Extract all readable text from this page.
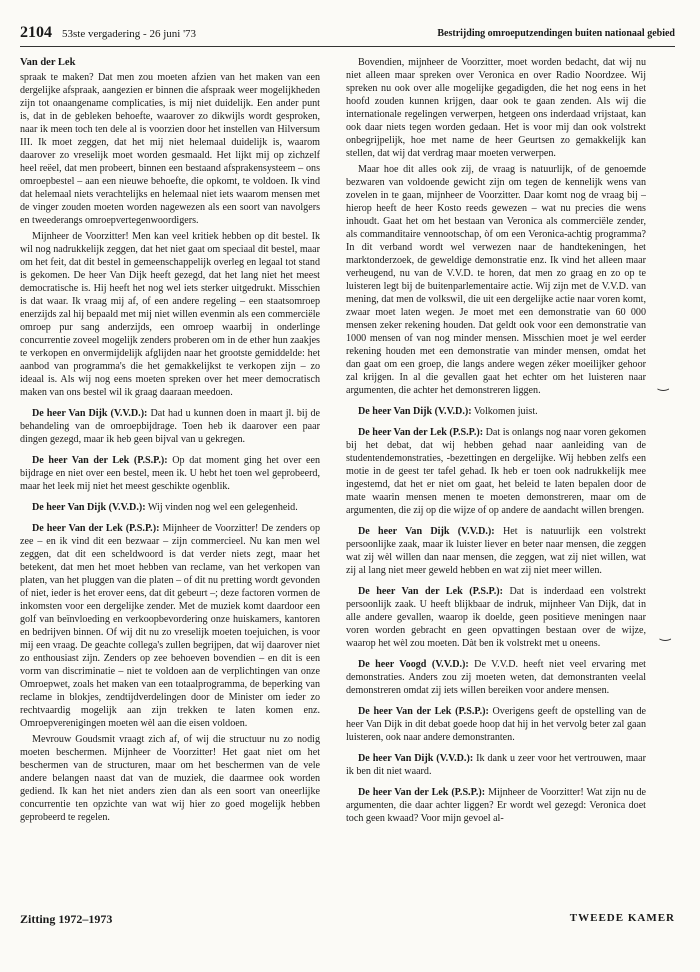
2104 53ste vergadering - 26 juni '73	Bestrijding omroeputzendingen buiten nationaal gebied
Van der Lek

spraak te maken? Dat men zou moeten afzien van het maken van een dergelijke afspraak, aangezien er binnen die afspraak weer mogelijkheden zijn tot onaangename complicaties, is mij niet duidelijk. Een ander punt is, dat in de gebleken behoefte, waarover zo dikwijls wordt gesproken, naar ik meen toch ten dele al is voorzien door het instellen van Hilversum III. Ik moet zeggen, dat het mij niet helemaal duidelijk is, waarom daarover zo vreselijk moet worden gesmaald. Het lijkt mij op zichzelf heel reëel, dat men probeert, binnen een bestaand afsprakensysteem – ons omroepbestel – aan een nieuwe behoefte, die opkomt, te voldoen. Ik vind dat helemaal niets verachtelijks en helemaal niet iets waarom mensen met de vinger zouden moeten worden nagewezen als een soort van navolgers en tweederangs omroepvertegenwoordigers.

Mijnheer de Voorzitter! Men kan veel kritiek hebben op dit bestel. Ik wil nog nadrukkelijk zeggen, dat het niet gaat om speciaal dit bestel, maar om het feit, dat dit bestel in gemeenschappelijk overleg en legaal tot stand is gekomen. De heer Van Dijk heeft gezegd, dat het lang niet het meest democratische is. Hij heeft het nog wel iets sterker uitgedrukt. Misschien is dat waar. Ik vraag mij af, of een andere regeling – een staatsomroep enerzijds zal hij bepaald met mij niet willen evenmin als een commerciële omroep pur sang anderzijds, een omroep waarbij in onderlinge concurrentie zoveel mogelijk zenders proberen om in de ether hun zaakjes te verkopen en onvermijdelijk afglijden naar het grootste gemiddelde: het aanbod van programma's die het gemakkelijkst te verkopen zijn – zo ideaal is. Als wij nog eens moeten spreken over het meer democratisch maken van ons bestel wil ik graag daaraan meedoen.

De heer Van Dijk (V.V.D.): Dat had u kunnen doen in maart jl. bij de behandeling van de omroepbijdrage. Toen heb ik daarover een paar dingen gezegd, maar ik heb geen bijval van u gekregen.

De heer Van der Lek (P.S.P.): Op dat moment ging het over een bijdrage en niet over een bestel, meen ik. U hebt het toen wel geprobeerd, maar het leek mij niet het meest geschikte ogenblik.

De heer Van Dijk (V.V.D.): Wij vinden nog wel een gelegenheid.

De heer Van der Lek (P.S.P.): Mijnheer de Voorzitter! De zenders op zee – en ik vind dit een bezwaar – zijn commercieel. Nu kan men wel zeggen, dat dit een scheldwoord is dat verder niets zegt, maar het betekent, dat men het moet hebben van reclame, van het verkopen van platen, van het pluggen van die platen – of dit nu pretting wordt gevonden of niet, ieder is het erover eens, dat dit gebeurt –; deze factoren vormen de inkomsten voor een dergelijke zender. Met de muziek komt daardoor een golf van beïnvloeding en verkoopbevordering onze huiskamers, kantoren en bedrijven binnen. Of wij dit nu zo vreselijk moeten toejuichen, is voor mij een vraag. De geachte collega's zullen begrijpen, dat wij daarover niet zo enthousiast zijn. Zenders op zee behoeven bovendien – en dit is een vorm van discriminatie – niet te voldoen aan de verplichtingen van onze Omroepwet, zoals het maken van een totaalprogramma, de beperking van reclame in blokjes, zendtijdverdelingen door de Minister om ieder zo rechtvaardig mogelijk aan zijn trekken te laten komen enz. Omroepverenigingen moeten wèl aan die eisen voldoen.

Mevrouw Goudsmit vraagt zich af, of wij die structuur nu zo nodig moeten beschermen. Mijnheer de Voorzitter! Het gaat niet om het beschermen van de structuren, maar om het beschermen van de vele andere belangen naast dat van de muziek, die daarmee ook worden gediend. Ik kan het niet anders zien dan als een soort van oneerlijke concurrentie ten opzichte van wat wij hier zo goed mogelijk hebben geprobeerd te regelen.

Bovendien, mijnheer de Voorzitter, moet worden bedacht, dat wij nu niet alleen maar spreken over Veronica en over Radio Noordzee. Wij spreken nu ook over alle mogelijke gegadigden, die het nog eens in het hoofd zouden kunnen krijgen, daar ook te gaan zenden. Als wij die internationale regelingen verwerpen, hetgeen ons inderdaad vrijstaat, kan ook daar niets tegen worden gedaan. Het is voor mij dan ook volstrekt onbegrijpelijk, hoe met name de heer Geurtsen zo gemakkelijk kan stellen, dat wij dat verdrag maar moeten verwerpen.

Maar hoe dit alles ook zij, de vraag is natuurlijk, of de genoemde bezwaren van voldoende gewicht zijn om tegen de kennelijk wens van zovelen in te gaan, mijnheer de Voorzitter. Daar komt nog de vraag bij – hierop heeft de heer Kosto reeds gewezen – wat nu precies die wens inhoudt. Gaat het om het bestaan van Veronica als commerciële zender, als commanditaire vennootschap, òf om een Veronica-achtig programma? In dit verband wordt wel verwezen naar de handtekeningen, het marktonderzoek, de geweldige demonstratie enz. Ik vind het alleen maar verheugend, nu van de V.V.D. te horen, dat men zo graag en zo op te luisteren legt bij de buitenparlementaire actie. Wij zijn met de V.V.D. van mening, dat men de volkswil, die uit een dergelijke actie naar voren komt, zwaar moet laten wegen. Je moet met een demonstratie van 60 000 mensen zeker rekening houden. Dat geldt ook voor een demonstratie van 1000 mensen of van nog minder mensen. Misschien moet je wel eerder rekening houden met een demonstratie van minder mensen, omdat het dan gaat om een groep, die langs andere wegen zéker moeilijker gehoor zal krijgen. In al die gevallen gaat het echter om het luisteren naar argumenten, die achter het demonstreren liggen.

De heer Van Dijk (V.V.D.): Volkomen juist.

De heer Van der Lek (P.S.P.): Dat is onlangs nog naar voren gekomen bij het debat, dat wij hebben gehad naar aanleiding van de studentendemonstraties, -bezettingen en dergelijke. Wij hebben zelfs een motie in de geest ter tafel gehad. Ik heb er toen ook nadrukkelijk mee ingestemd, dat het er niet om gaat, het beleid te laten bepalen door de mate waarin mensen menen te moeten demonstreren, maar om de argumenten, die zij op die wijze of op andere de aandacht willen brengen.

De heer Van Dijk (V.V.D.): Het is natuurlijk een volstrekt persoonlijke zaak, maar ik luister liever en beter naar mensen, die zeggen wat zij wèl willen dan naar mensen, die zeggen, wat zij niet willen, wat zij al lang niet meer geweld hebben en wat zij niet meer willen.

De heer Van der Lek (P.S.P.): Dat is inderdaad een volstrekt persoonlijk zaak. U heeft blijkbaar de indruk, mijnheer Van Dijk, dat in alle andere gevallen, waarop ik doelde, geen positieve meningen naar voren worden gebracht en geen opvattingen bestaan over de wijze, waarop het wèl zou moeten. Dàt ben ik volstrekt met u oneens.

De heer Voogd (V.V.D.): De V.V.D. heeft niet veel ervaring met demonstraties. Anders zou zij moeten weten, dat demonstranten veelal demonstreren omdat zij iets willen bereiken voor andere mensen.

De heer Van der Lek (P.S.P.): Overigens geeft de opstelling van de heer Van Dijk in dit debat goede hoop dat hij in het vervolg beter zal gaan luisteren, ook naar andere demonstranten.

De heer Van Dijk (V.V.D.): Ik dank u zeer voor het vertrouwen, maar ik ben dit niet waard.

De heer Van der Lek (P.S.P.): Mijnheer de Voorzitter! Wat zijn nu de argumenten, die daar achter liggen? Er wordt wel gezegd: Veronica doet toch geen kwaad? Voor mijn gevoel al-

‿
‿
Zitting 1972–1973	TWEEDE KAMER
